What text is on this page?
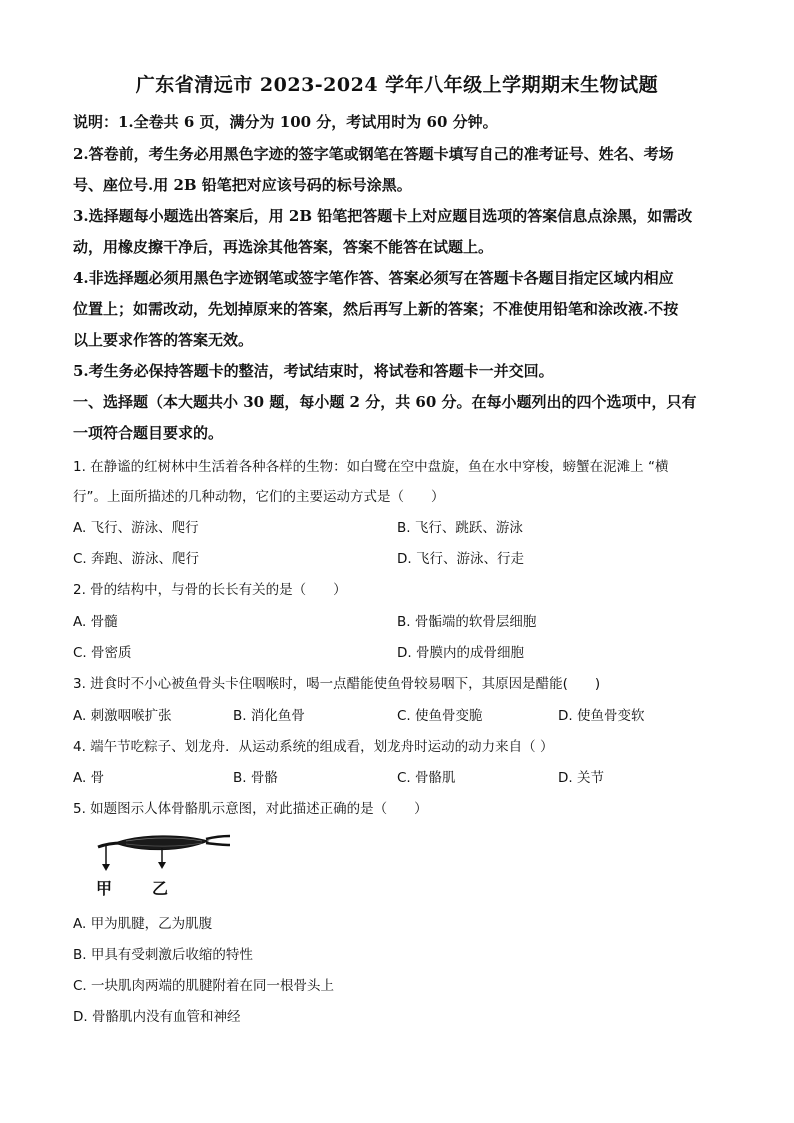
广东省清远市 2023-2024 学年八年级上学期期末生物试题
说明：1.全卷共 6 页，满分为 100 分，考试用时为 60 分钟。
2.答卷前，考生务必用黑色字迹的签字笔或钢笔在答题卡填写自己的准考证号、姓名、考场
号、座位号.用 2B 铅笔把对应该号码的标号涂黑。
3.选择题每小题选出答案后，用 2B 铅笔把答题卡上对应题目选项的答案信息点涂黑，如需改
动，用橡皮擦干净后，再选涂其他答案，答案不能答在试题上。
4.非选择题必须用黑色字迹钢笔或签字笔作答、答案必须写在答题卡各题目指定区域内相应
位置上；如需改动，先划掉原来的答案，然后再写上新的答案；不准使用铅笔和涂改液.不按
以上要求作答的答案无效。
5.考生务必保持答题卡的整洁，考试结束时，将试卷和答题卡一并交回。
一、选择题（本大题共小 30 题，每小题 2 分，共 60 分。在每小题列出的四个选项中，只有
一项符合题目要求的。
1. 在静谧的红树林中生活着各种各样的生物：如白鹭在空中盘旋，鱼在水中穿梭，螃蟹在泥滩上 “横
行”。上面所描述的几种动物，它们的主要运动方式是（　　）
A. 飞行、游泳、爬行	B. 飞行、跳跃、游泳
C. 奔跑、游泳、爬行	D. 飞行、游泳、行走
2. 骨的结构中，与骨的长长有关的是（　　）
A. 骨髓	B. 骨骺端的软骨层细胞
C. 骨密质	D. 骨膜内的成骨细胞
3. 进食时不小心被鱼骨头卡住咽喉时，喝一点醋能使鱼骨较易咽下，其原因是醋能(　　)
A. 刺激咽喉扩张	B. 消化鱼骨	C. 使鱼骨变脆	D. 使鱼骨变软
4. 端午节吃粽子、划龙舟．从运动系统的组成看，划龙舟时运动的动力来自（ ）
A. 骨	B. 骨骼	C. 骨骼肌	D. 关节
5. 如题图示人体骨骼肌示意图，对此描述正确的是（　　）
甲 乙
A. 甲为肌腱，乙为肌腹
B. 甲具有受刺激后收缩的特性
C. 一块肌肉两端的肌腱附着在同一根骨头上
D. 骨骼肌内没有血管和神经
